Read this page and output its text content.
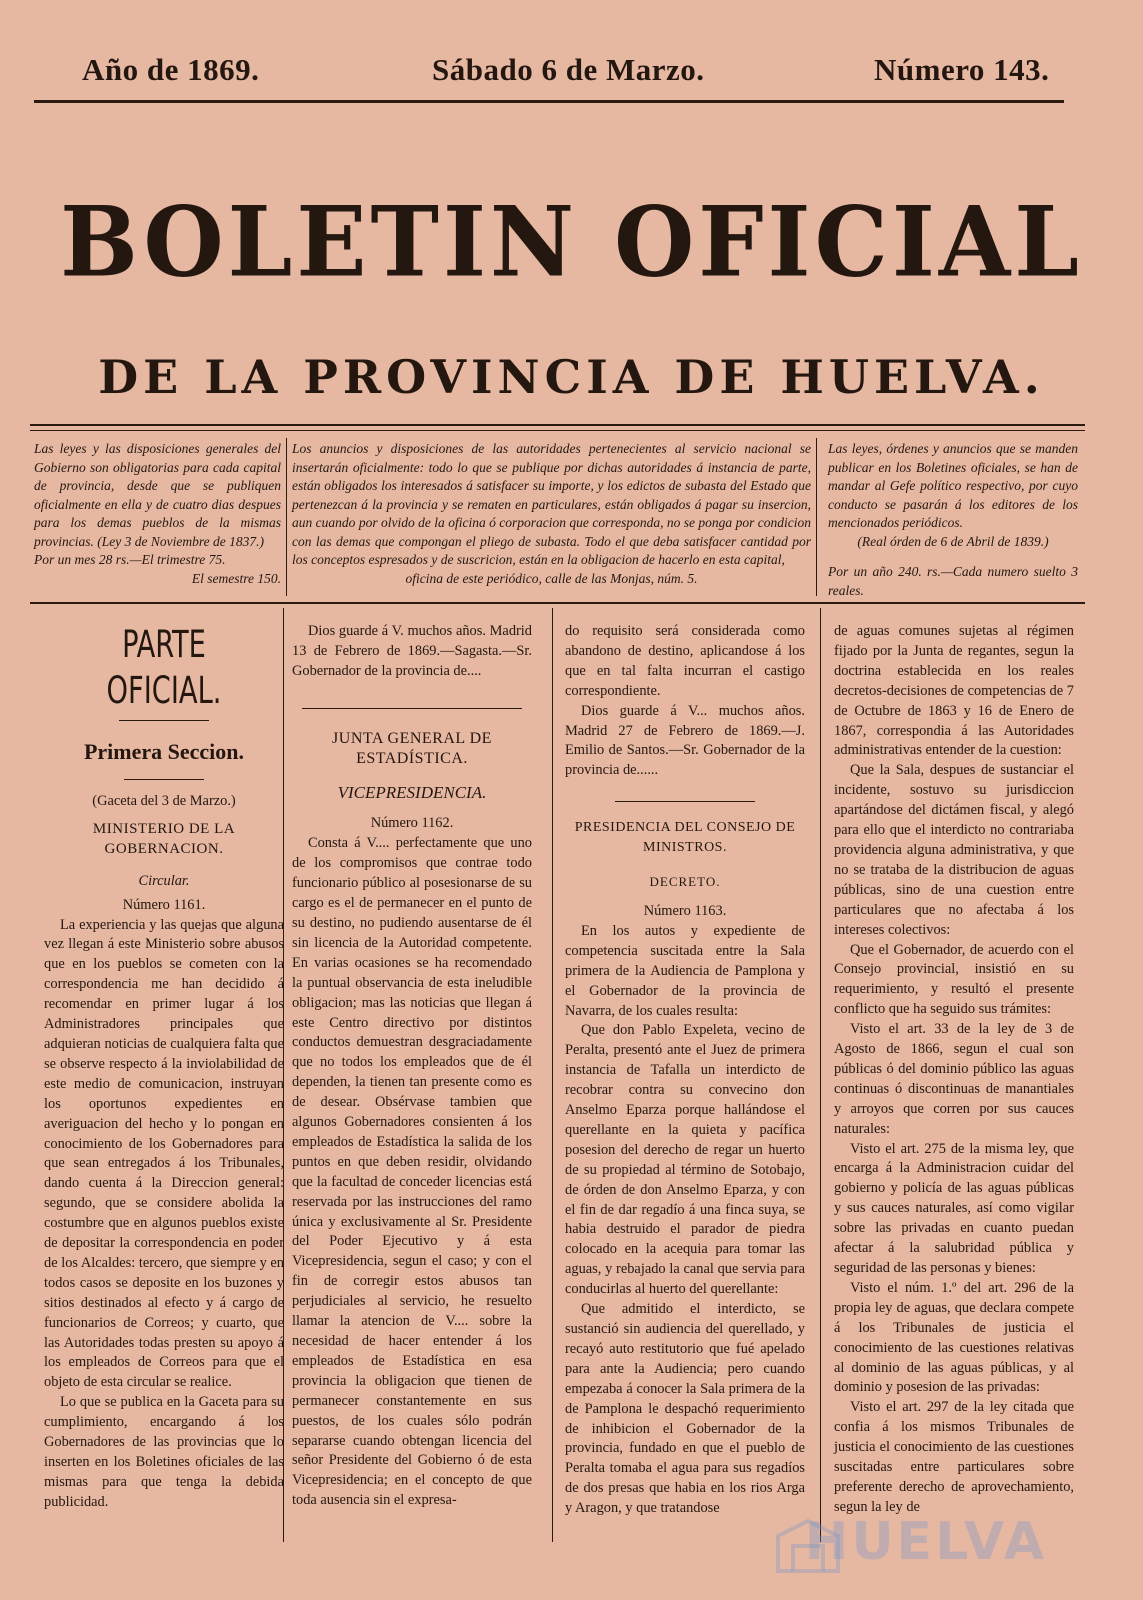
Año de 1869.	Sábado 6 de Marzo.	Número 143.
BOLETIN OFICIAL
DE LA PROVINCIA DE HUELVA.

Las leyes y las disposiciones generales del Gobierno son obligatorias para cada capital de provincia, desde que se publiquen oficialmente en ella y de cuatro dias despues para los demas pueblos de la mismas provincias. (Ley 3 de Noviembre de 1837.)

Por un mes 28 rs.—El trimestre 75.

El semestre 150.

Los anuncios y disposiciones de las autoridades pertenecientes al servicio nacional se insertarán oficialmente: todo lo que se publique por dichas autoridades á instancia de parte, están obligados los interesados á satisfacer su importe, y los edictos de subasta del Estado que pertenezcan á la provincia y se rematen en particulares, están obligados á pagar su insercion, aun cuando por olvido de la oficina ó corporacion que corresponda, no se ponga por condicion con las demas que compongan el pliego de subasta. Todo el que deba satisfacer cantidad por los conceptos espresados y de suscricion, están en la obligacion de hacerlo en esta capital,

oficina de este periódico, calle de las Monjas, núm. 5.

Las leyes, órdenes y anuncios que se manden publicar en los Boletines oficiales, se han de mandar al Gefe político respectivo, por cuyo conducto se pasarán á los editores de los mencionados periódicos.

(Real órden de 6 de Abril de 1839.)

Por un año 240. rs.—Cada numero suelto 3 reales.

PARTE OFICIAL.
Primera Seccion.

(Gaceta del 3 de Marzo.)

MINISTERIO DE LA GOBERNACION.

Circular.

Número 1161.

La experiencia y las quejas que alguna vez llegan á este Ministerio sobre abusos que en los pueblos se cometen con la correspondencia me han decidido á recomendar en primer lugar á los Administradores principales que adquieran noticias de cualquiera falta que se observe respecto á la inviolabilidad de este medio de comunicacion, instruyan los oportunos expedientes en averiguacion del hecho y lo pongan en conocimiento de los Gobernadores para que sean entregados á los Tribunales, dando cuenta á la Direccion general: segundo, que se considere abolida la costumbre que en algunos pueblos existe de depositar la correspondencia en poder de los Alcaldes: tercero, que siempre y en todos casos se deposite en los buzones y sitios destinados al efecto y á cargo de funcionarios de Correos; y cuarto, que las Autoridades todas presten su apoyo á los empleados de Correos para que el objeto de esta circular se realice.

Lo que se publica en la Gaceta para su cumplimiento, encargando á los Gobernadores de las provincias que lo inserten en los Boletines oficiales de las mismas para que tenga la debida publicidad.

Dios guarde á V. muchos años. Madrid 13 de Febrero de 1869.—Sagasta.—Sr. Gobernador de la provincia de....

JUNTA GENERAL DE ESTADÍSTICA.

VICEPRESIDENCIA.

Número 1162.

Consta á V.... perfectamente que uno de los compromisos que contrae todo funcionario público al posesionarse de su cargo es el de permanecer en el punto de su destino, no pudiendo ausentarse de él sin licencia de la Autoridad competente. En varias ocasiones se ha recomendado la puntual observancia de esta ineludible obligacion; mas las noticias que llegan á este Centro directivo por distintos conductos demuestran desgraciadamente que no todos los empleados que de él dependen, la tienen tan presente como es de desear. Obsérvase tambien que algunos Gobernadores consienten á los empleados de Estadística la salida de los puntos en que deben residir, olvidando que la facultad de conceder licencias está reservada por las instrucciones del ramo única y exclusivamente al Sr. Presidente del Poder Ejecutivo y á esta Vicepresidencia, segun el caso; y con el fin de corregir estos abusos tan perjudiciales al servicio, he resuelto llamar la atencion de V.... sobre la necesidad de hacer entender á los empleados de Estadística en esa provincia la obligacion que tienen de permanecer constantemente en sus puestos, de los cuales sólo podrán separarse cuando obtengan licencia del señor Presidente del Gobierno ó de esta Vicepresidencia; en el concepto de que toda ausencia sin el expresa-

do requisito será considerada como abandono de destino, aplicandose á los que en tal falta incurran el castigo correspondiente.

Dios guarde á V... muchos años. Madrid 27 de Febrero de 1869.—J. Emilio de Santos.—Sr. Gobernador de la provincia de......

PRESIDENCIA DEL CONSEJO DE MINISTROS.

DECRETO.

Número 1163.

En los autos y expediente de competencia suscitada entre la Sala primera de la Audiencia de Pamplona y el Gobernador de la provincia de Navarra, de los cuales resulta:

Que don Pablo Expeleta, vecino de Peralta, presentó ante el Juez de primera instancia de Tafalla un interdicto de recobrar contra su convecino don Anselmo Eparza porque hallándose el querellante en la quieta y pacífica posesion del derecho de regar un huerto de su propiedad al término de Sotobajo, de órden de don Anselmo Eparza, y con el fin de dar regadío á una finca suya, se habia destruido el parador de piedra colocado en la acequia para tomar las aguas, y rebajado la canal que servia para conducirlas al huerto del querellante:

Que admitido el interdicto, se sustanció sin audiencia del querellado, y recayó auto restitutorio que fué apelado para ante la Audiencia; pero cuando empezaba á conocer la Sala primera de la de Pamplona le despachó requerimiento de inhibicion el Gobernador de la provincia, fundado en que el pueblo de Peralta tomaba el agua para sus regadíos de dos presas que habia en los rios Arga y Aragon, y que tratandose

de aguas comunes sujetas al régimen fijado por la Junta de regantes, segun la doctrina establecida en los reales decretos-decisiones de competencias de 7 de Octubre de 1863 y 16 de Enero de 1867, correspondia á las Autoridades administrativas entender de la cuestion:

Que la Sala, despues de sustanciar el incidente, sostuvo su jurisdiccion apartándose del dictámen fiscal, y alegó para ello que el interdicto no contrariaba providencia alguna administrativa, y que no se trataba de la distribucion de aguas públicas, sino de una cuestion entre particulares que no afectaba á los intereses colectivos:

Que el Gobernador, de acuerdo con el Consejo provincial, insistió en su requerimiento, y resultó el presente conflicto que ha seguido sus trámites:

Visto el art. 33 de la ley de 3 de Agosto de 1866, segun el cual son públicas ó del dominio público las aguas continuas ó discontinuas de manantiales y arroyos que corren por sus cauces naturales:

Visto el art. 275 de la misma ley, que encarga á la Administracion cuidar del gobierno y policía de las aguas públicas y sus cauces naturales, así como vigilar sobre las privadas en cuanto puedan afectar á la salubridad pública y seguridad de las personas y bienes:

Visto el núm. 1.º del art. 296 de la propia ley de aguas, que declara compete á los Tribunales de justicia el conocimiento de las cuestiones relativas al dominio de las aguas públicas, y al dominio y posesion de las privadas:

Visto el art. 297 de la ley citada que confia á los mismos Tribunales de justicia el conocimiento de las cuestiones suscitadas entre particulares sobre preferente derecho de aprovechamiento, segun la ley de

HUELVA
